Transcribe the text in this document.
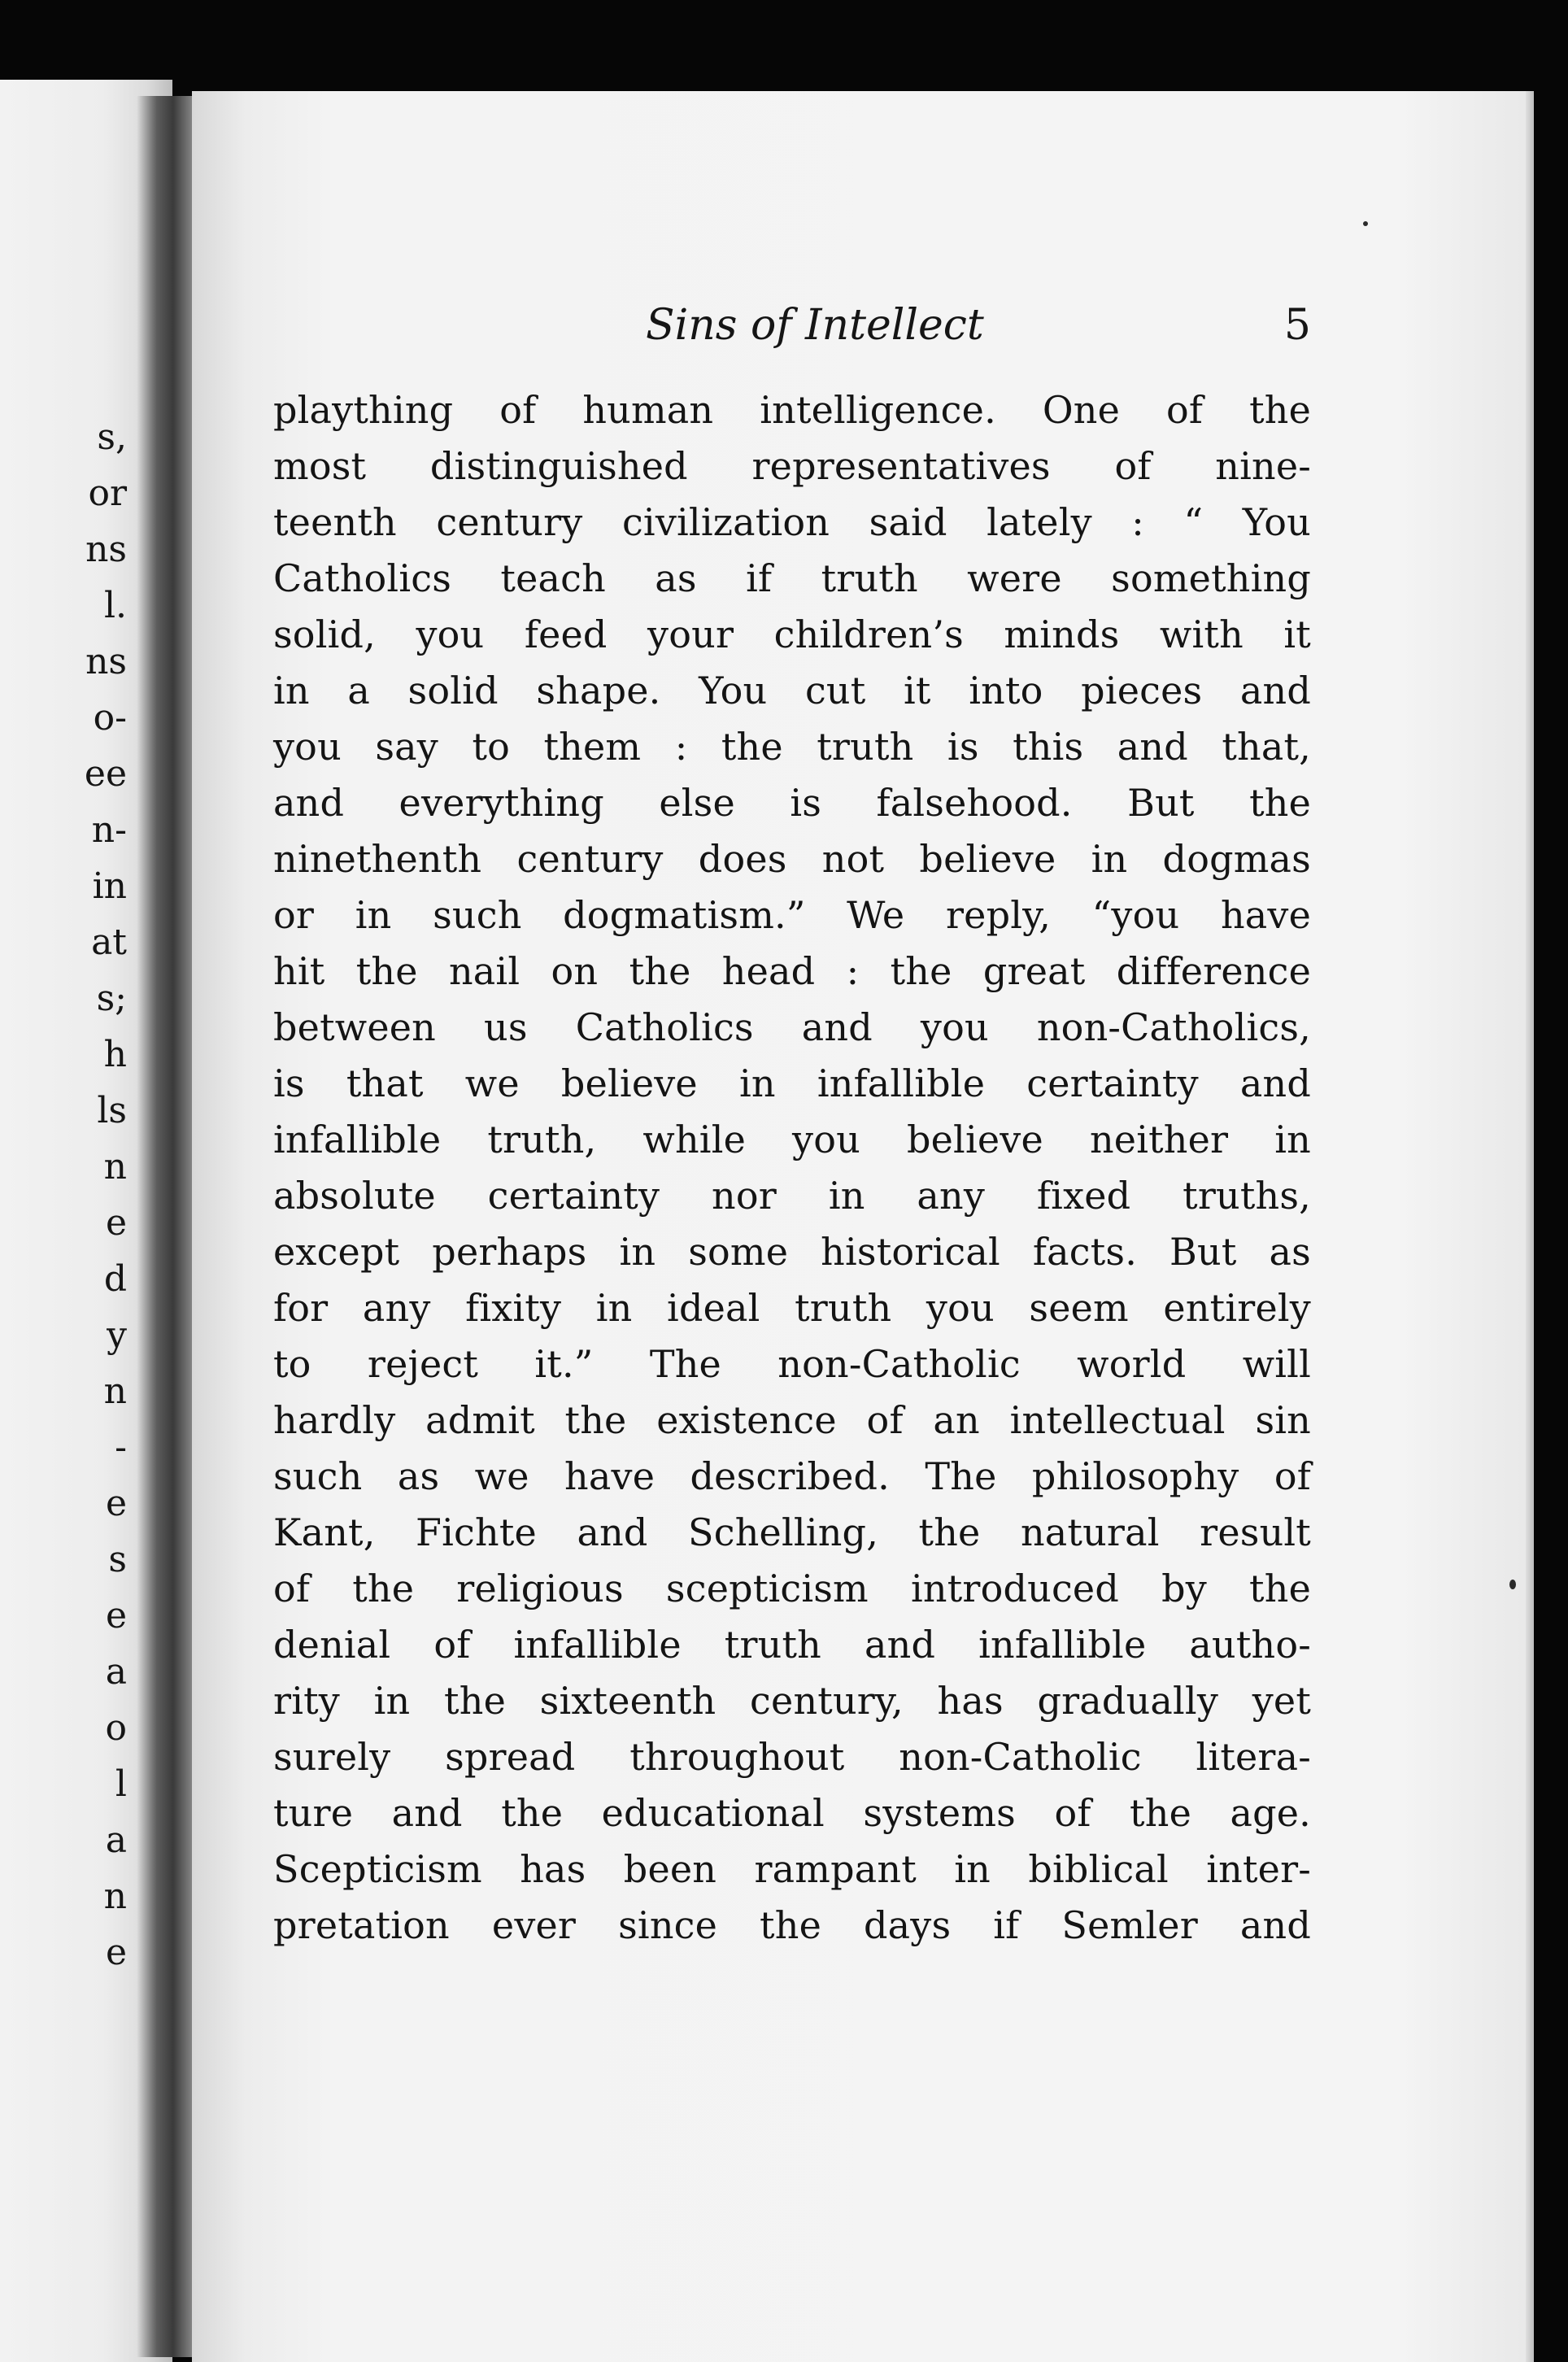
s,
or
ns
l.
ns
o-
ee
n-
in
at
s;
h
ls
n
e
d
y
n
-
e
s
e
a
o
l
a
n
e
Sins of Intellect	5
plaything of human intelligence. One of the
most distinguished representatives of nine-
teenth century civilization said lately : “ You
Catholics teach as if truth were something
solid, you feed your children’s minds with it
in a solid shape. You cut it into pieces and
you say to them : the truth is this and that,
and everything else is falsehood. But the
ninethenth century does not believe in dogmas
or in such dogmatism.” We reply, “you have
hit the nail on the head : the great difference
between us Catholics and you non-Catholics,
is that we believe in infallible certainty and
infallible truth, while you believe neither in
absolute certainty nor in any fixed truths,
except perhaps in some historical facts. But as
for any fixity in ideal truth you seem entirely
to reject it.” The non-Catholic world will
hardly admit the existence of an intellectual sin
such as we have described. The philosophy of
Kant, Fichte and Schelling, the natural result
of the religious scepticism introduced by the
denial of infallible truth and infallible autho-
rity in the sixteenth century, has gradually yet
surely spread throughout non-Catholic litera-
ture and the educational systems of the age.
Scepticism has been rampant in biblical inter-
pretation ever since the days if Semler and
